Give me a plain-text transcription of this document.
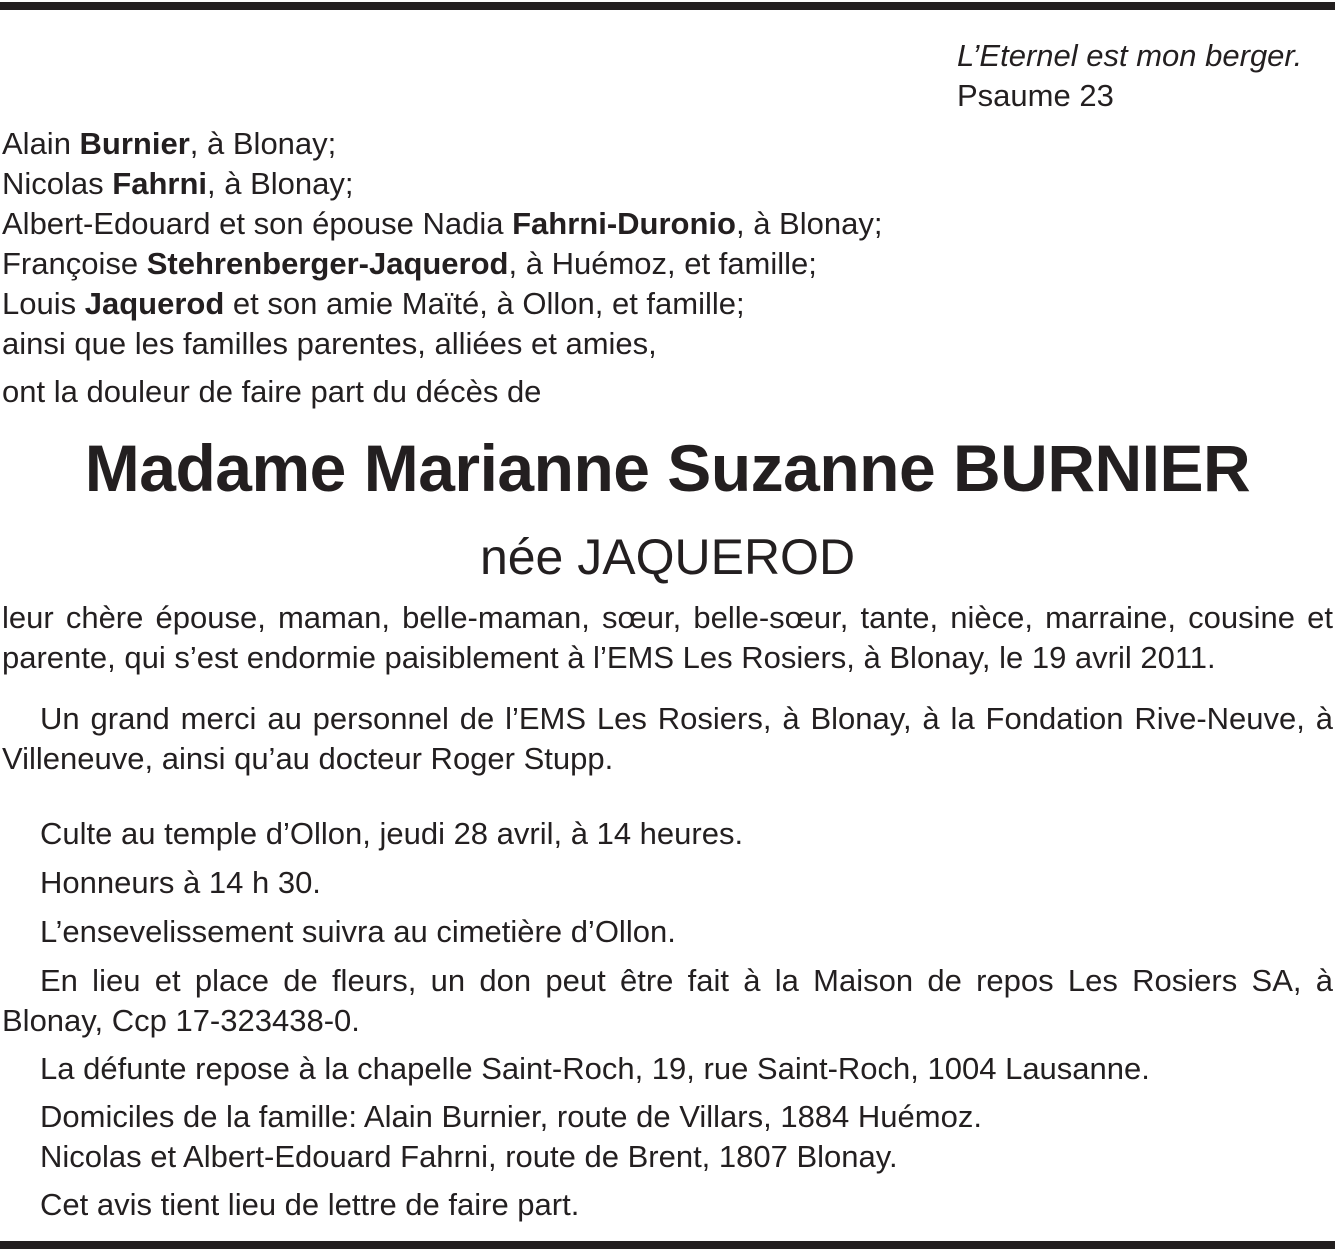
L’Eternel est mon berger.
Psaume 23
Alain Burnier, à Blonay;
Nicolas Fahrni, à Blonay;
Albert-Edouard et son épouse Nadia Fahrni-Duronio, à Blonay;
Françoise Stehrenberger-Jaquerod, à Huémoz, et famille;
Louis Jaquerod et son amie Maïté, à Ollon, et famille;
ainsi que les familles parentes, alliées et amies,
ont la douleur de faire part du décès de
Madame Marianne Suzanne BURNIER
née JAQUEROD
leur chère épouse, maman, belle-maman, sœur, belle-sœur, tante, nièce, marraine, cousine et parente, qui s’est endormie paisiblement à l’EMS Les Rosiers, à Blonay, le 19 avril 2011.
Un grand merci au personnel de l’EMS Les Rosiers, à Blonay, à la Fondation Rive-Neuve, à Villeneuve, ainsi qu’au docteur Roger Stupp.
Culte au temple d’Ollon, jeudi 28 avril, à 14 heures.
Honneurs à 14 h 30.
L’ensevelissement suivra au cimetière d’Ollon.
En lieu et place de fleurs, un don peut être fait à la Maison de repos Les Rosiers SA, à Blonay, Ccp 17-323438-0.
La défunte repose à la chapelle Saint-Roch, 19, rue Saint-Roch, 1004 Lausanne.
Domiciles de la famille: Alain Burnier, route de Villars, 1884 Huémoz.
Nicolas et Albert-Edouard Fahrni, route de Brent, 1807 Blonay.
Cet avis tient lieu de lettre de faire part.
